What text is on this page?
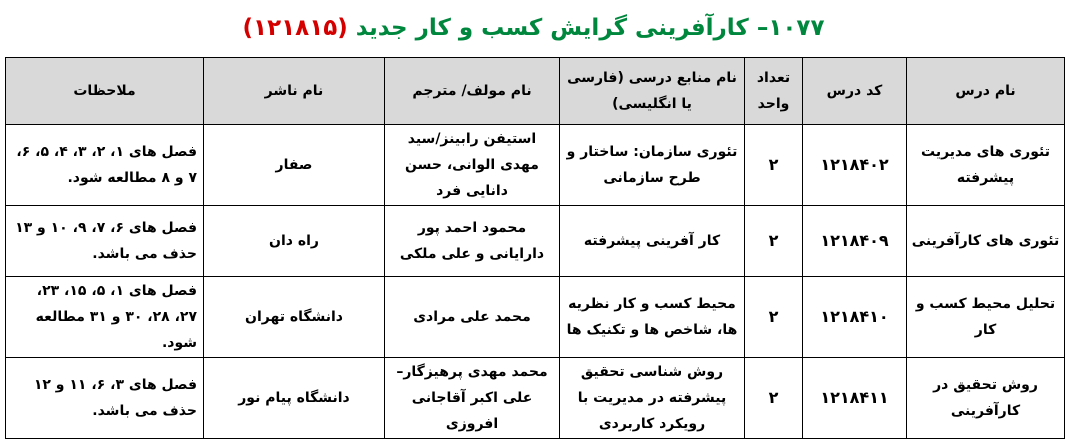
۱۰۷۷– کارآفرینی گرایش کسب و کار جدید
(۱۲۱۸۱۵)
نام درس	کد درس	تعداد واحد	نام منابع درسی (فارسی یا انگلیسی)	نام مولف/ مترجم	نام ناشر	ملاحظات
تئوری های مدیریت پیشرفته	۱۲۱۸۴۰۲	۲	تئوری سازمان: ساختار و طرح سازمانی	استیفن رابینز/سید مهدی الوانی، حسن دانایی فرد	صفار	فصل های ۱، ۲، ۳، ۴، ۵، ۶، ۷ و ۸ مطالعه شود.
تئوری های کارآفرینی	۱۲۱۸۴۰۹	۲	کار آفرینی پیشرفته	محمود احمد پور دارایانی و علی ملکی	راه دان	فصل های ۶، ۷، ۹، ۱۰ و ۱۳ حذف می باشد.
تحلیل محیط کسب و کار	۱۲۱۸۴۱۰	۲	محیط کسب و کار نظریه ها، شاخص ها و تکنیک ها	محمد علی مرادی	دانشگاه تهران	فصل های ۱، ۵، ۱۵، ۲۳، ۲۷، ۲۸، ۳۰ و ۳۱ مطالعه شود.
روش تحقیق در کارآفرینی	۱۲۱۸۴۱۱	۲	روش شناسی تحقیق پیشرفته در مدیریت با رویکرد کاربردی	محمد مهدی پرهیزگار– علی اکبر آقاجانی افروزی	دانشگاه پیام نور	فصل های ۳، ۶، ۱۱ و ۱۲ حذف می باشد.
